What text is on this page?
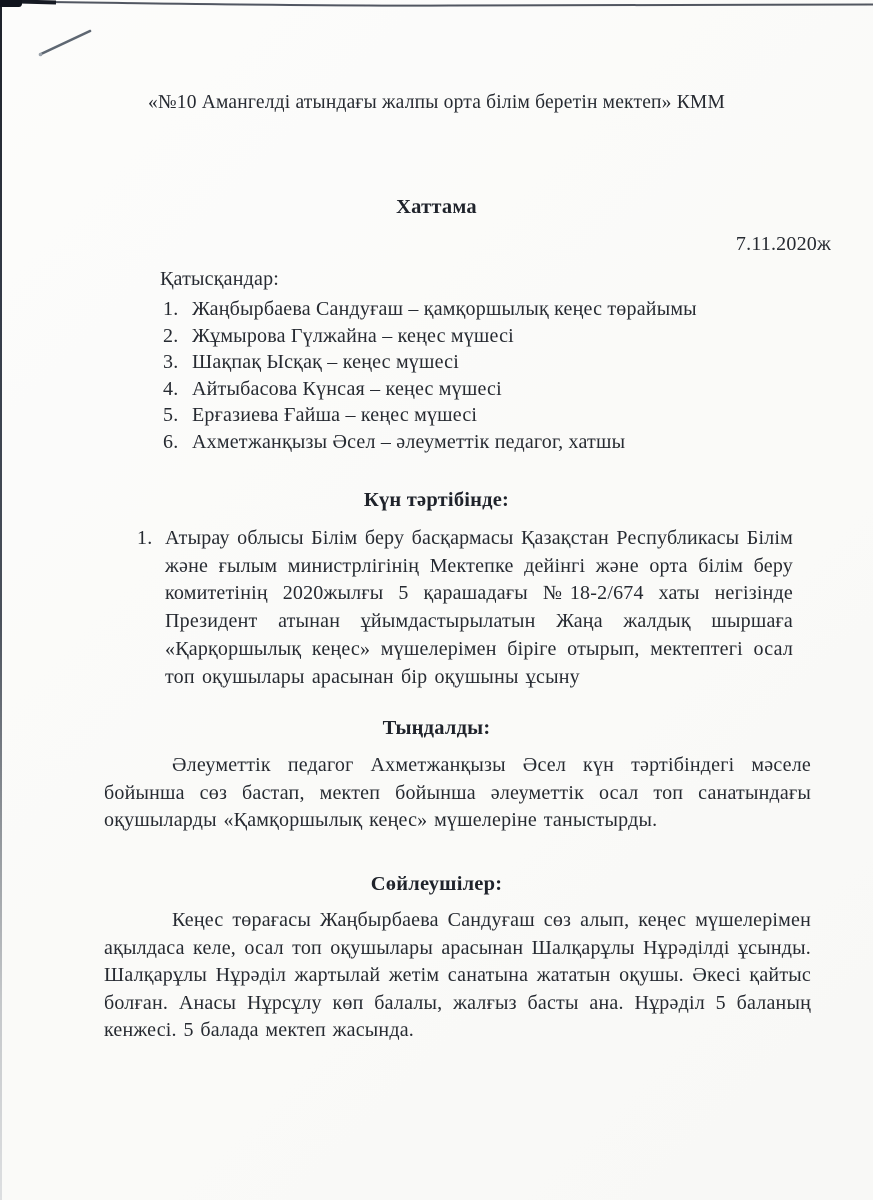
«№10 Амангелді атындағы жалпы орта білім беретін мектеп» КММ
Хаттама
7.11.2020ж
Қатысқандар:
Жаңбырбаева Сандуғаш – қамқоршылық кеңес төрайымы
Жұмырова Гүлжайна – кеңес мүшесі
Шақпақ Ысқақ – кеңес мүшесі
Айтыбасова Күнсая – кеңес мүшесі
Ерғазиева Ғайша – кеңес мүшесі
Ахметжанқызы Әсел – әлеуметтік педагог, хатшы
Күн тәртібінде:
Атырау облысы Білім беру басқармасы Қазақстан Республикасы Білім және ғылым министрлігінің Мектепке дейінгі және орта білім беру комитетінің 2020жылғы 5 қарашадағы №18-2/674 хаты негізінде Президент атынан ұйымдастырылатын Жаңа жалдық шыршаға «Қарқоршылық кеңес» мүшелерімен біріге отырып, мектептегі осал топ оқушылары арасынан бір оқушыны ұсыну
Тыңдалды:
Әлеуметтік педагог Ахметжанқызы Әсел күн тәртібіндегі мәселе бойынша сөз бастап, мектеп бойынша әлеуметтік осал топ санатындағы оқушыларды «Қамқоршылық кеңес» мүшелеріне таныстырды.
Сөйлеушілер:
Кеңес төрағасы Жаңбырбаева Сандуғаш сөз алып, кеңес мүшелерімен ақылдаса келе, осал топ оқушылары арасынан Шалқарұлы Нұрәділді ұсынды. Шалқарұлы Нұрәділ жартылай жетім санатына жататын оқушы. Әкесі қайтыс болған. Анасы Нұрсұлу көп балалы, жалғыз басты ана. Нұрәділ 5 баланың кенжесі. 5 балада мектеп жасында.
